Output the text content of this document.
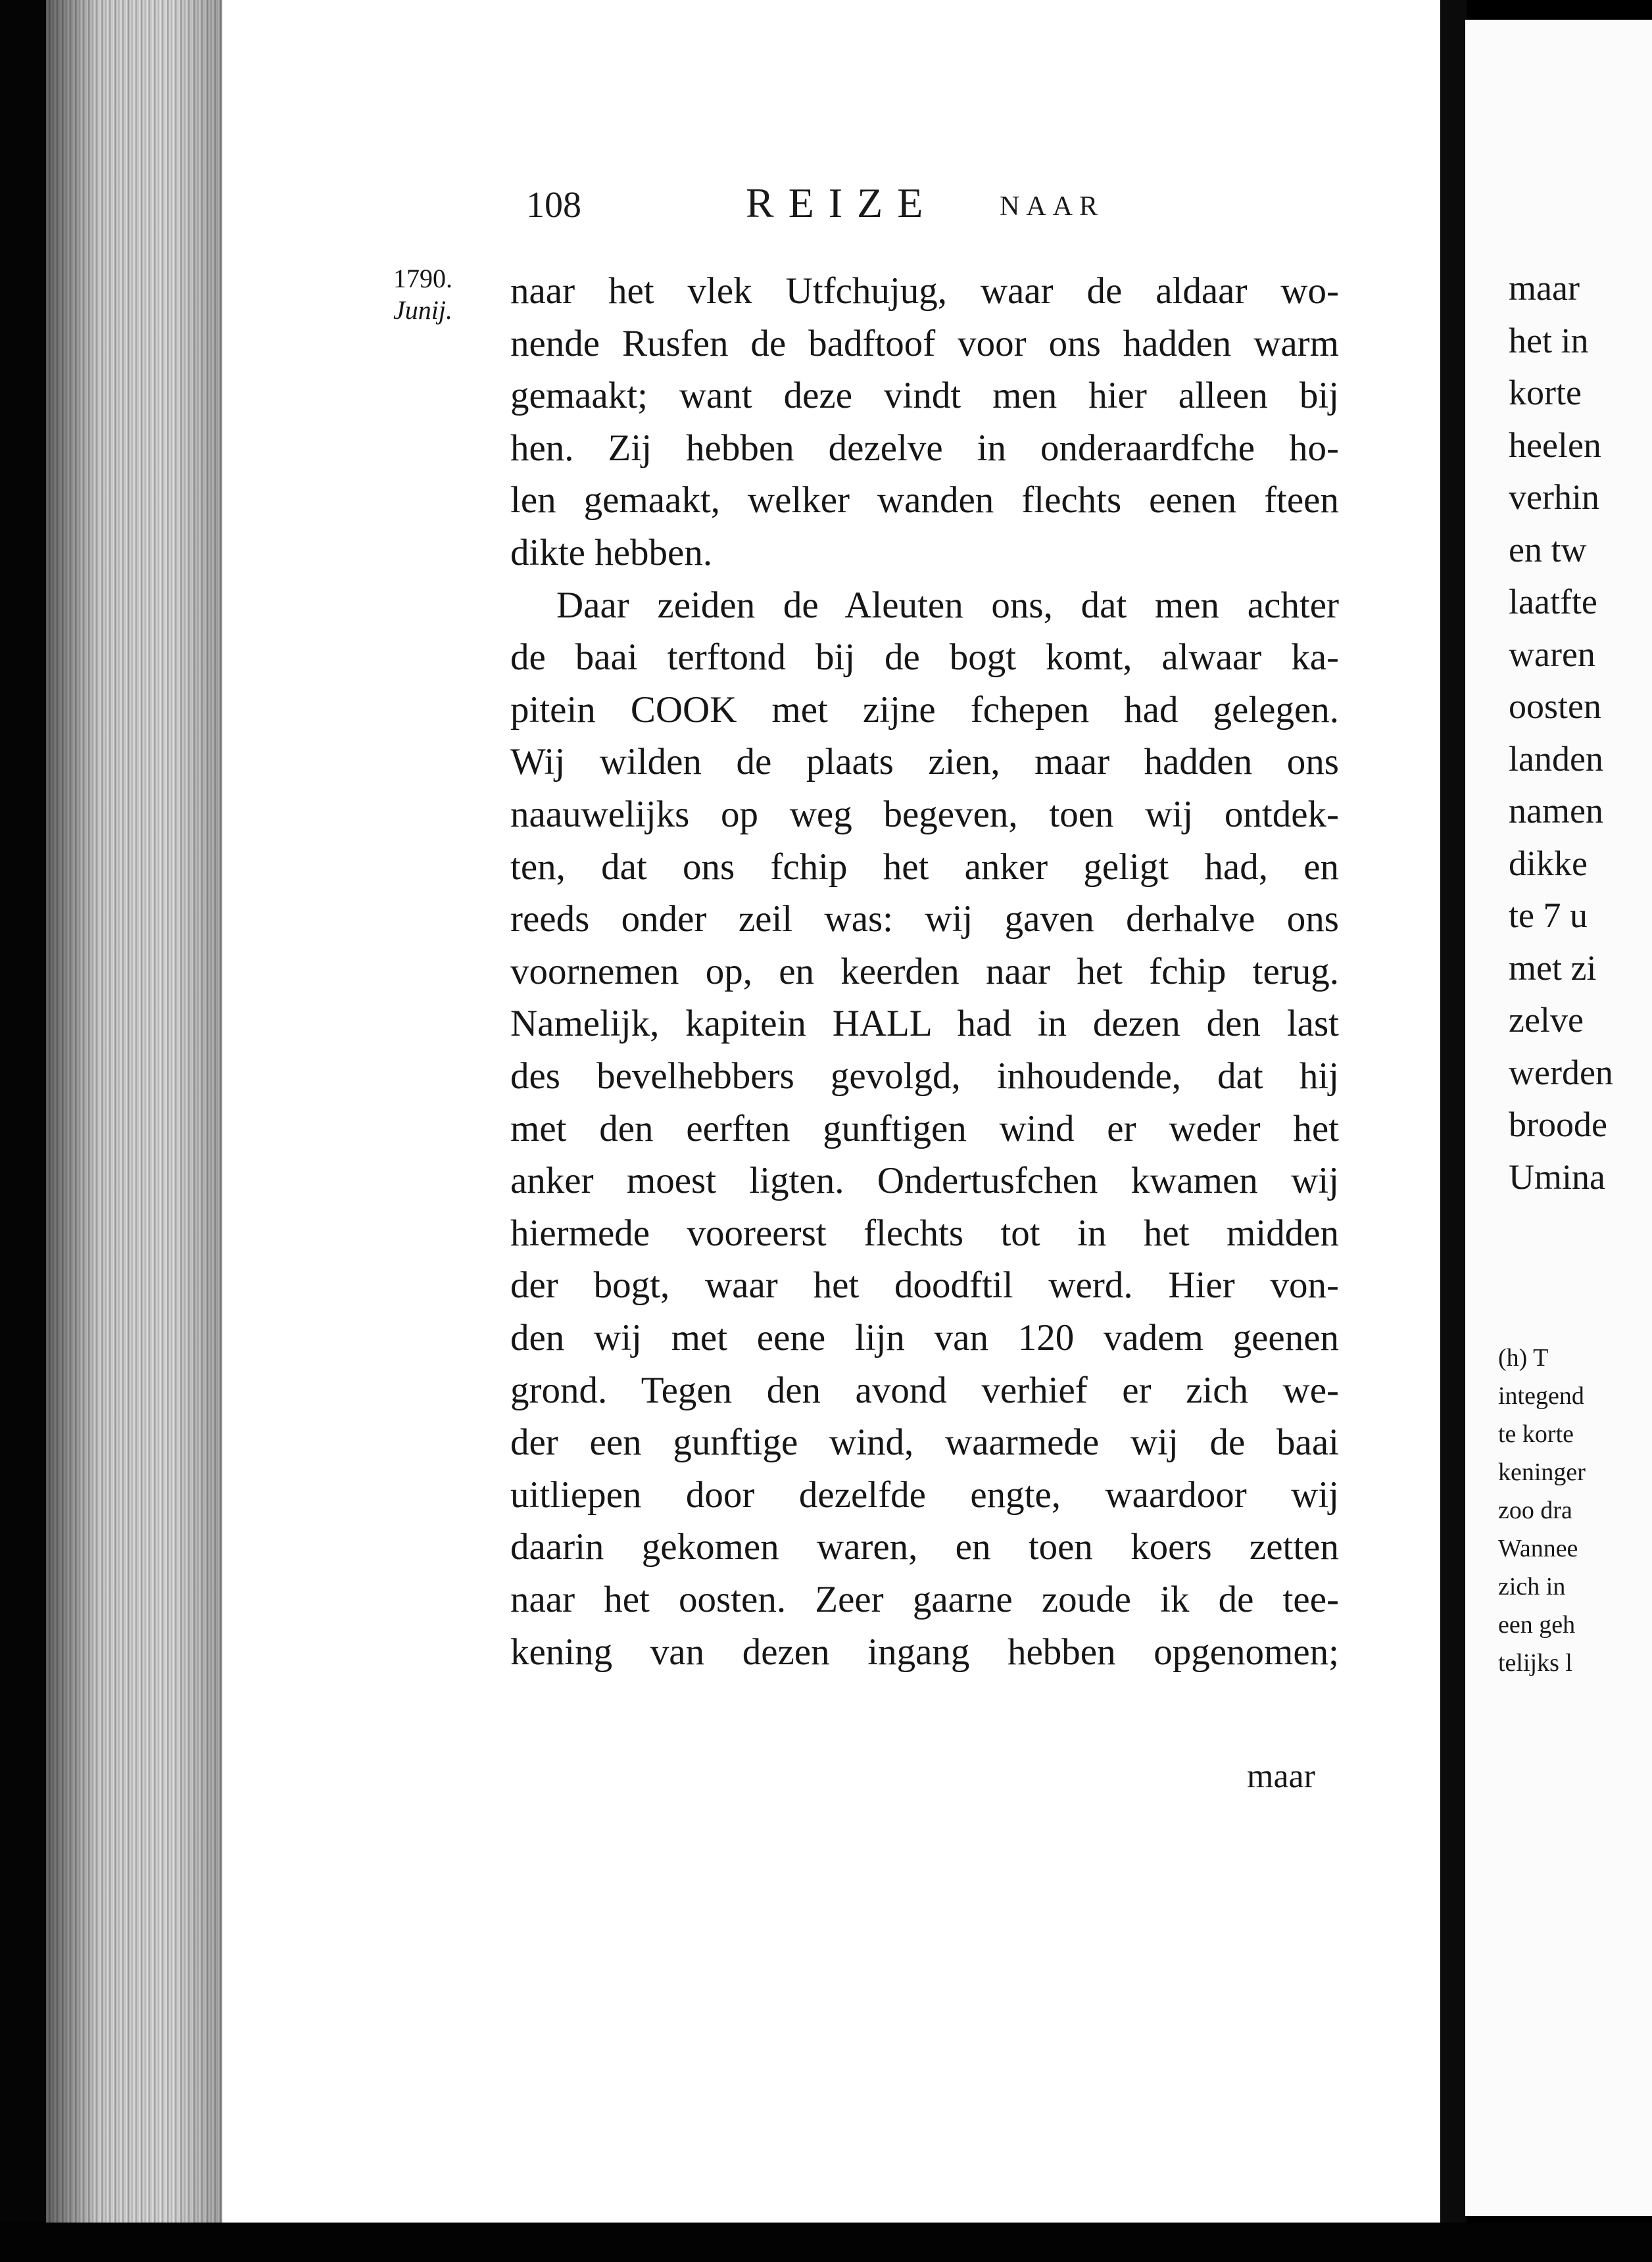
108	REIZE NAAR
1790.
Junij. naar het vlek Utfchujug, waar de aldaar wo-
nende Rusfen de badftoof voor ons hadden warm
gemaakt; want deze vindt men hier alleen bij
hen. Zij hebben dezelve in onderaardfche ho-
len gemaakt, welker wanden flechts eenen fteen
dikte hebben.
Daar zeiden de Aleuten ons, dat men achter
de baai terftond bij de bogt komt, alwaar ka-
pitein COOK met zijne fchepen had gelegen.
Wij wilden de plaats zien, maar hadden ons
naauwelijks op weg begeven, toen wij ontdek-
ten, dat ons fchip het anker geligt had, en
reeds onder zeil was: wij gaven derhalve ons
voornemen op, en keerden naar het fchip terug.
Namelijk, kapitein HALL had in dezen den last
des bevelhebbers gevolgd, inhoudende, dat hij
met den eerften gunftigen wind er weder het
anker moest ligten. Ondertusfchen kwamen wij
hiermede vooreerst flechts tot in het midden
der bogt, waar het doodftil werd. Hier von-
den wij met eene lijn van 120 vadem geenen
grond. Tegen den avond verhief er zich we-
der een gunftige wind, waarmede wij de baai
uitliepen door dezelfde engte, waardoor wij
daarin gekomen waren, en toen koers zetten
naar het oosten. Zeer gaarne zoude ik de tee-
kening van dezen ingang hebben opgenomen;
maar
maar
het in
korte
heelen
verhin
en tw
laatfte
waren
oosten
landen
namen
dikke
te 7 u
met zi
zelve
werden
broode
Umina
(h) T
integend
te korte
keninger
zoo dra
Wannee
zich in
een geh
telijks l
